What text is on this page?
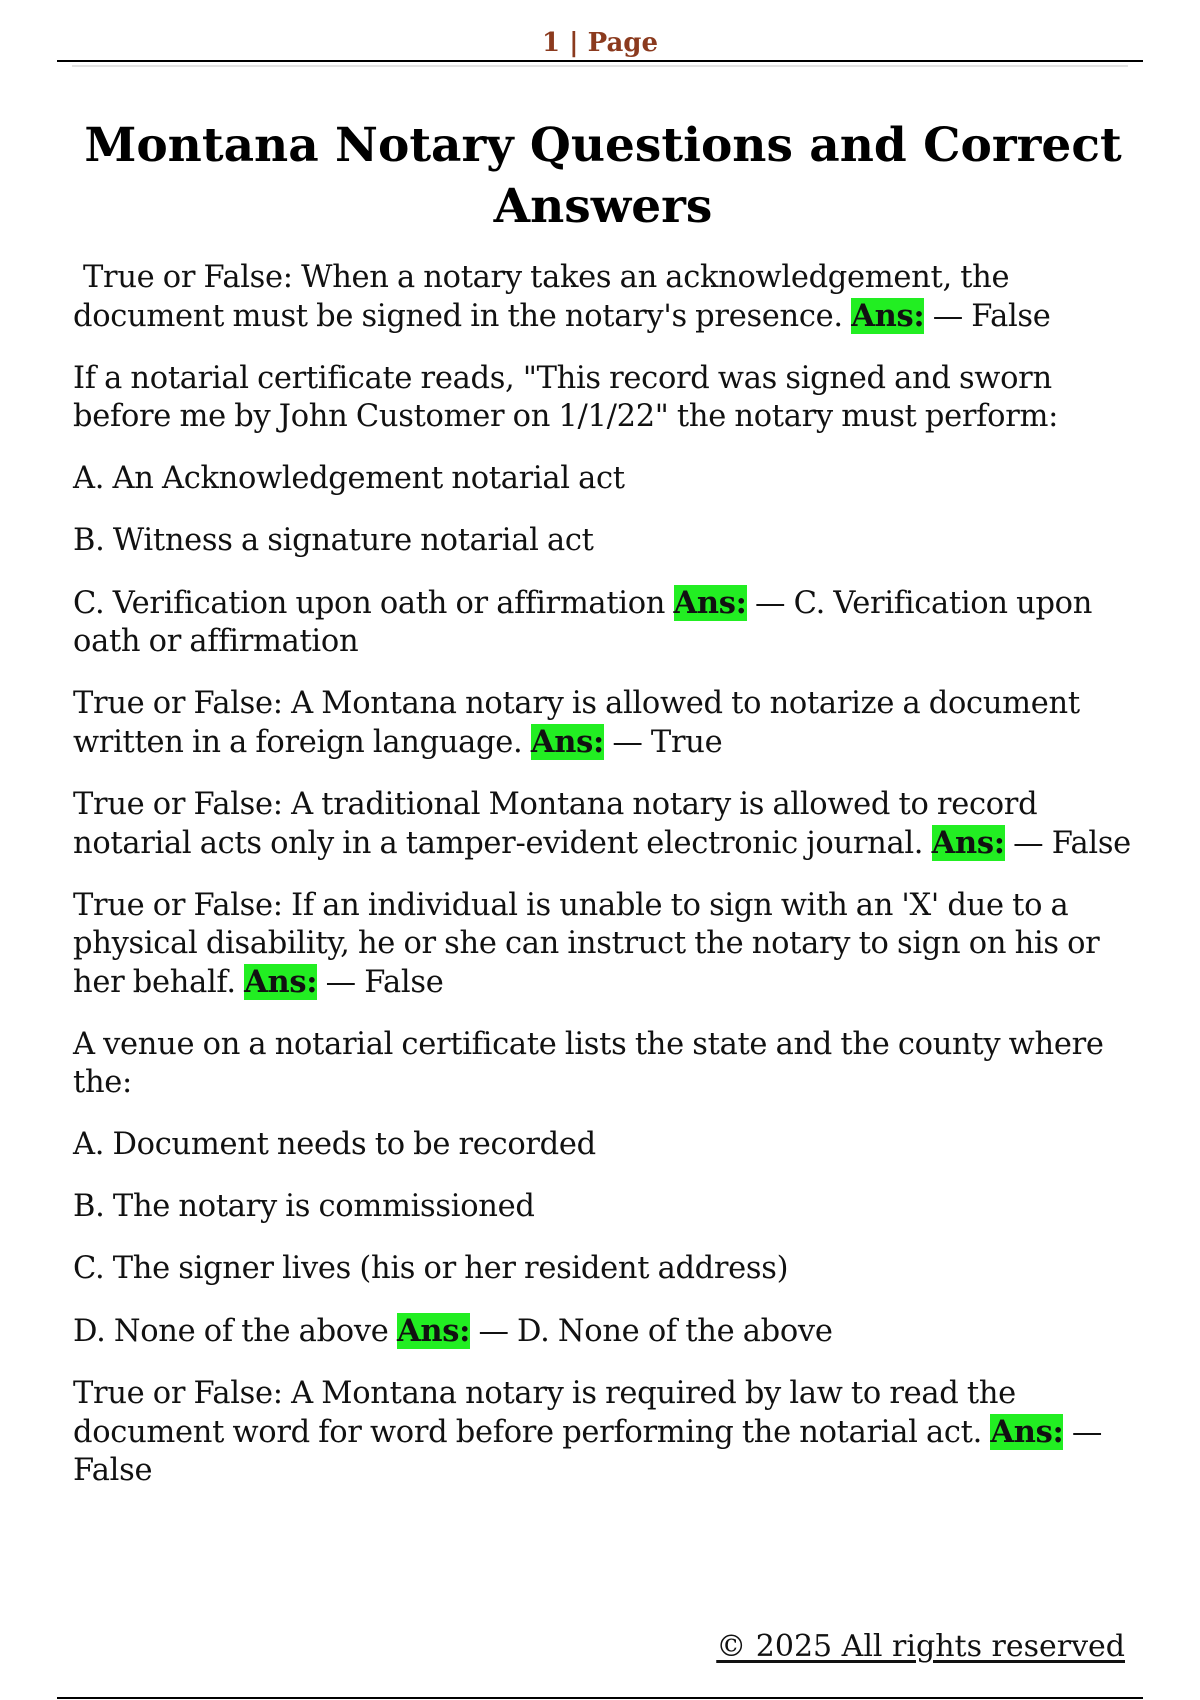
1 | Page
Montana Notary Questions and Correct Answers

True or False: When a notary takes an acknowledgement, the document must be signed in the notary's presence. Ans: — False

If a notarial certificate reads, "This record was signed and sworn before me by John Customer on 1/1/22" the notary must perform:

A. An Acknowledgement notarial act

B. Witness a signature notarial act

C. Verification upon oath or affirmation Ans: — C. Verification upon oath or affirmation

True or False: A Montana notary is allowed to notarize a document written in a foreign language. Ans: — True

True or False: A traditional Montana notary is allowed to record notarial acts only in a tamper-evident electronic journal. Ans: — False

True or False: If an individual is unable to sign with an 'X' due to a physical disability, he or she can instruct the notary to sign on his or her behalf. Ans: — False

A venue on a notarial certificate lists the state and the county where the:

A. Document needs to be recorded

B. The notary is commissioned

C. The signer lives (his or her resident address)

D. None of the above Ans: — D. None of the above

True or False: A Montana notary is required by law to read the document word for word before performing the notarial act. Ans: — False

© 2025 All rights reserved
